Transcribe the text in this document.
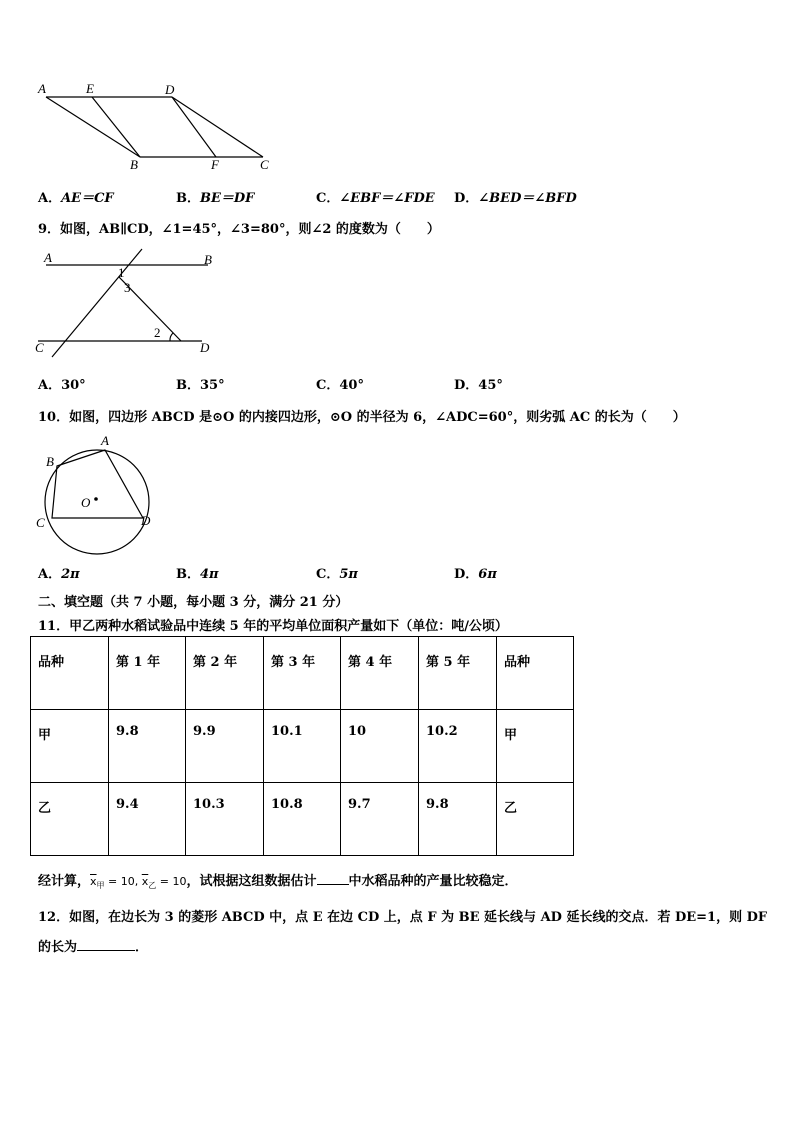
A	E	D
B	F	C
A．AE＝CF	B．BE＝DF	C．∠EBF＝∠FDE D．∠BED＝∠BFD
9．如图，AB∥CD，∠1=45°，∠3=80°，则∠2 的度数为（　　）
A	B
C	D
1
3
2
A．30°	B．35°	C．40°	D．45°
10．如图，四边形 ABCD 是⊙O 的内接四边形，⊙O 的半径为 6，∠ADC=60°，则劣弧 AC 的长为（　　）
A
B
C	D
O
A．2π	B．4π	C．5π	D．6π
二、填空题（共 7 小题，每小题 3 分，满分 21 分）
11．甲乙两种水稻试验品中连续 5 年的平均单位面积产量如下（单位：吨/公顷）
品种	第 1 年	第 2 年	第 3 年	第 4 年	第 5 年	品种
甲	9.8	9.9	10.1	10	10.2	甲
乙	9.4	10.3	10.8	9.7	9.8	乙
经计算，$\overline{x}_甲 = 10$, $\overline{x}_乙 = 10$，试根据这组数据估计 中水稻品种的产量比较稳定．
12．如图，在边长为 3 的菱形 ABCD 中，点 E 在边 CD 上，点 F 为 BE 延长线与 AD 延长线的交点．若 DE=1，则 DF
的长为	．
